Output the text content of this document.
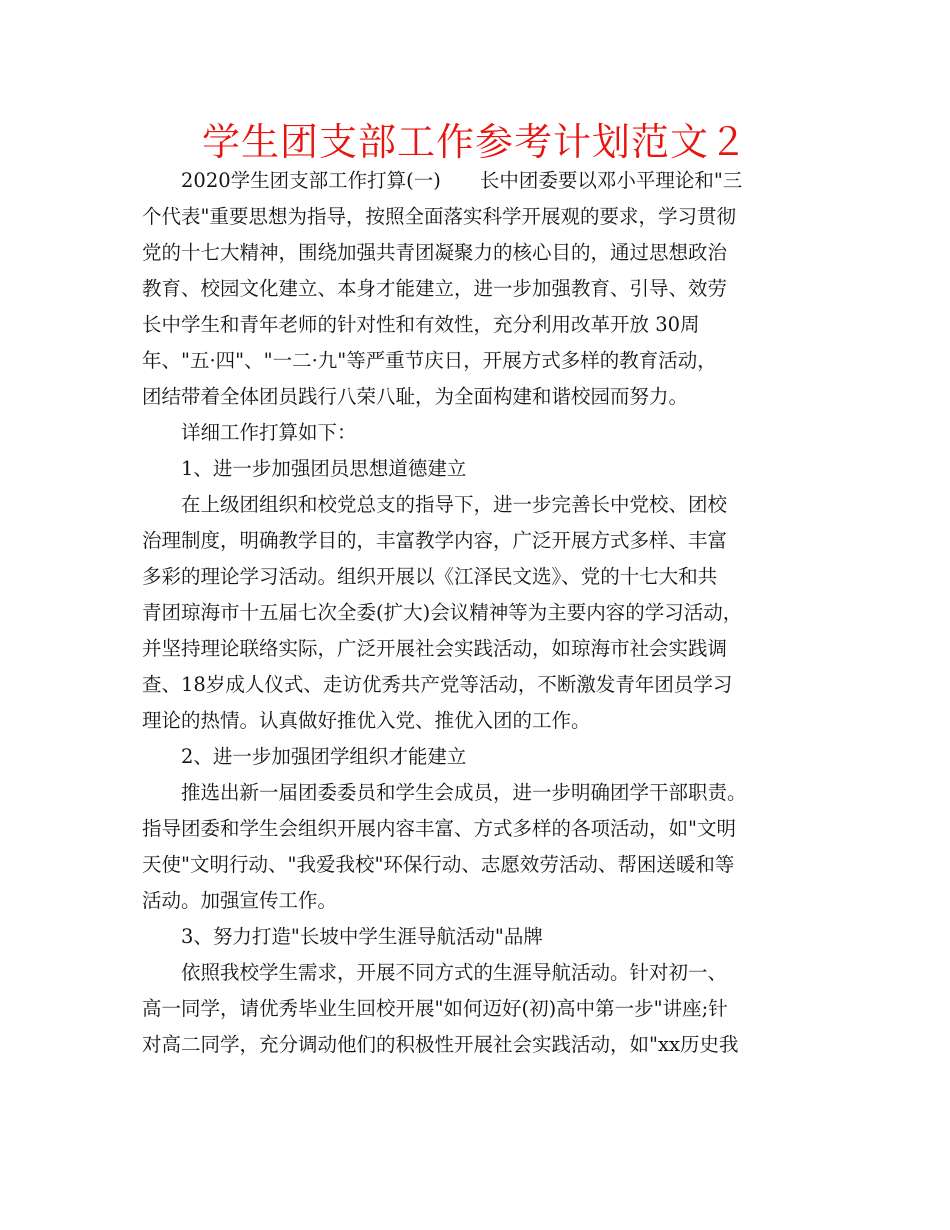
学生团支部工作参考计划范文２
　　2020学生团支部工作打算(一)　　长中团委要以邓小平理论和"三
个代表"重要思想为指导，按照全面落实科学开展观的要求，学习贯彻
党的十七大精神，围绕加强共青团凝聚力的核心目的，通过思想政治
教育、校园文化建立、本身才能建立，进一步加强教育、引导、效劳
长中学生和青年老师的针对性和有效性，充分利用改革开放 30周
年、"五·四"、"一二·九"等严重节庆日，开展方式多样的教育活动，
团结带着全体团员践行八荣八耻，为全面构建和谐校园而努力。
　　详细工作打算如下：
　　1、进一步加强团员思想道德建立
　　在上级团组织和校党总支的指导下，进一步完善长中党校、团校
治理制度，明确教学目的，丰富教学内容，广泛开展方式多样、丰富
多彩的理论学习活动。组织开展以《江泽民文选》、党的十七大和共
青团琼海市十五届七次全委(扩大)会议精神等为主要内容的学习活动，
并坚持理论联络实际，广泛开展社会实践活动，如琼海市社会实践调
查、18岁成人仪式、走访优秀共产党等活动，不断激发青年团员学习
理论的热情。认真做好推优入党、推优入团的工作。
　　2、进一步加强团学组织才能建立
　　推选出新一届团委委员和学生会成员，进一步明确团学干部职责。
指导团委和学生会组织开展内容丰富、方式多样的各项活动，如"文明
天使"文明行动、"我爱我校"环保行动、志愿效劳活动、帮困送暖和等
活动。加强宣传工作。
　　3、努力打造"长坡中学生涯导航活动"品牌
　　依照我校学生需求，开展不同方式的生涯导航活动。针对初一、
高一同学，请优秀毕业生回校开展"如何迈好(初)高中第一步"讲座;针
对高二同学，充分调动他们的积极性开展社会实践活动，如"xx历史我
